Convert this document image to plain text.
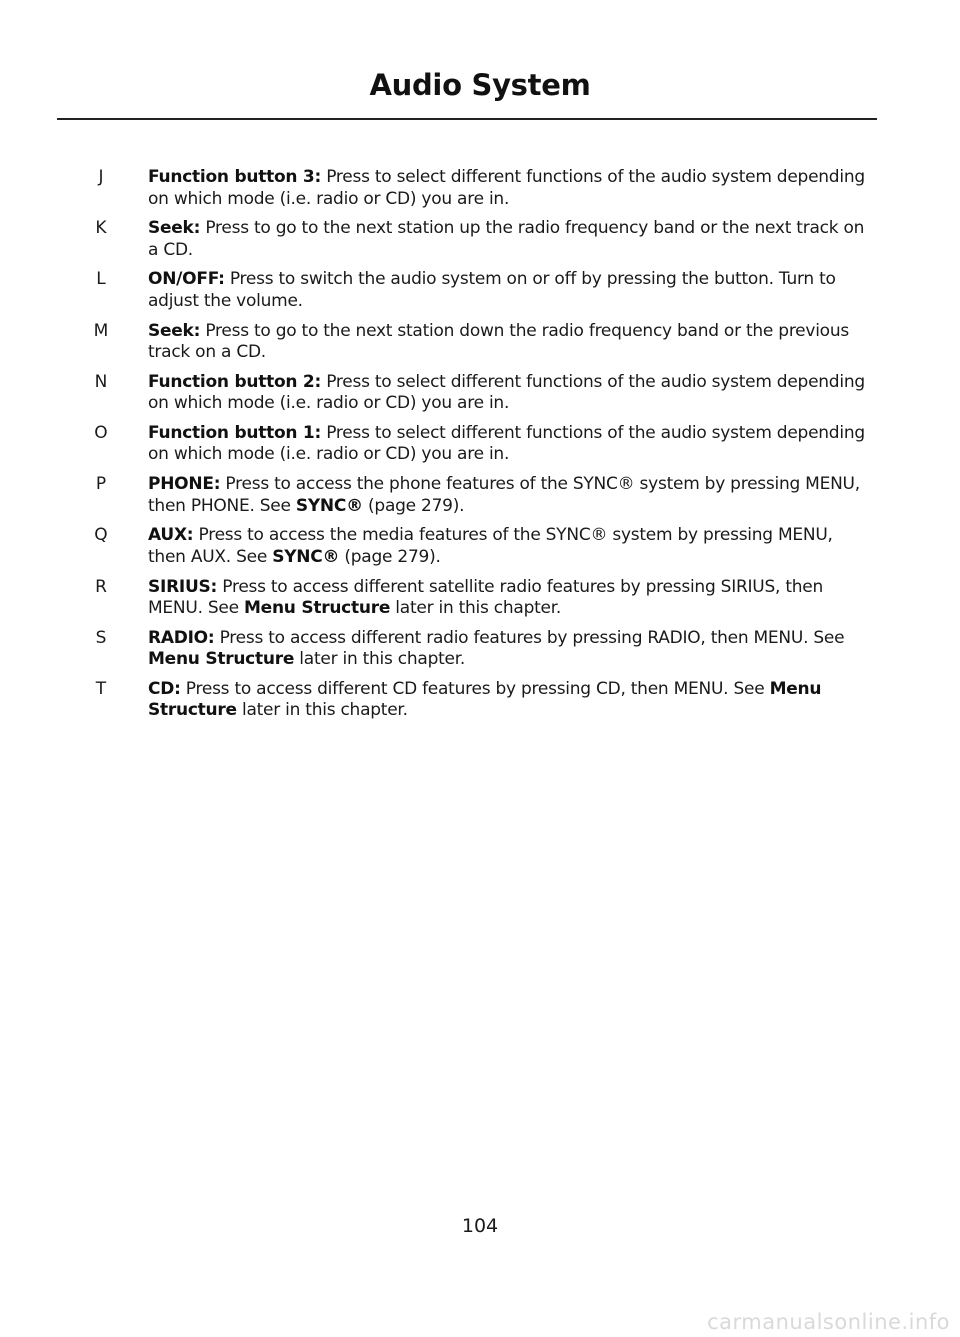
Audio System
J	Function button 3: Press to select different functions of the audio system depending on which mode (i.e. radio or CD) you are in.
K	Seek: Press to go to the next station up the radio frequency band or the next track on a CD.
L	ON/OFF: Press to switch the audio system on or off by pressing the button. Turn to adjust the volume.
M	Seek: Press to go to the next station down the radio frequency band or the previous track on a CD.
N	Function button 2: Press to select different functions of the audio system depending on which mode (i.e. radio or CD) you are in.
O	Function button 1: Press to select different functions of the audio system depending on which mode (i.e. radio or CD) you are in.
P	PHONE: Press to access the phone features of the SYNC® system by pressing MENU, then PHONE. See SYNC® (page 279).
Q	AUX: Press to access the media features of the SYNC® system by pressing MENU, then AUX. See SYNC® (page 279).
R	SIRIUS: Press to access different satellite radio features by pressing SIRIUS, then MENU. See Menu Structure later in this chapter.
S	RADIO: Press to access different radio features by pressing RADIO, then MENU. See Menu Structure later in this chapter.
T	CD: Press to access different CD features by pressing CD, then MENU. See Menu Structure later in this chapter.
104
carmanualsonline.info
